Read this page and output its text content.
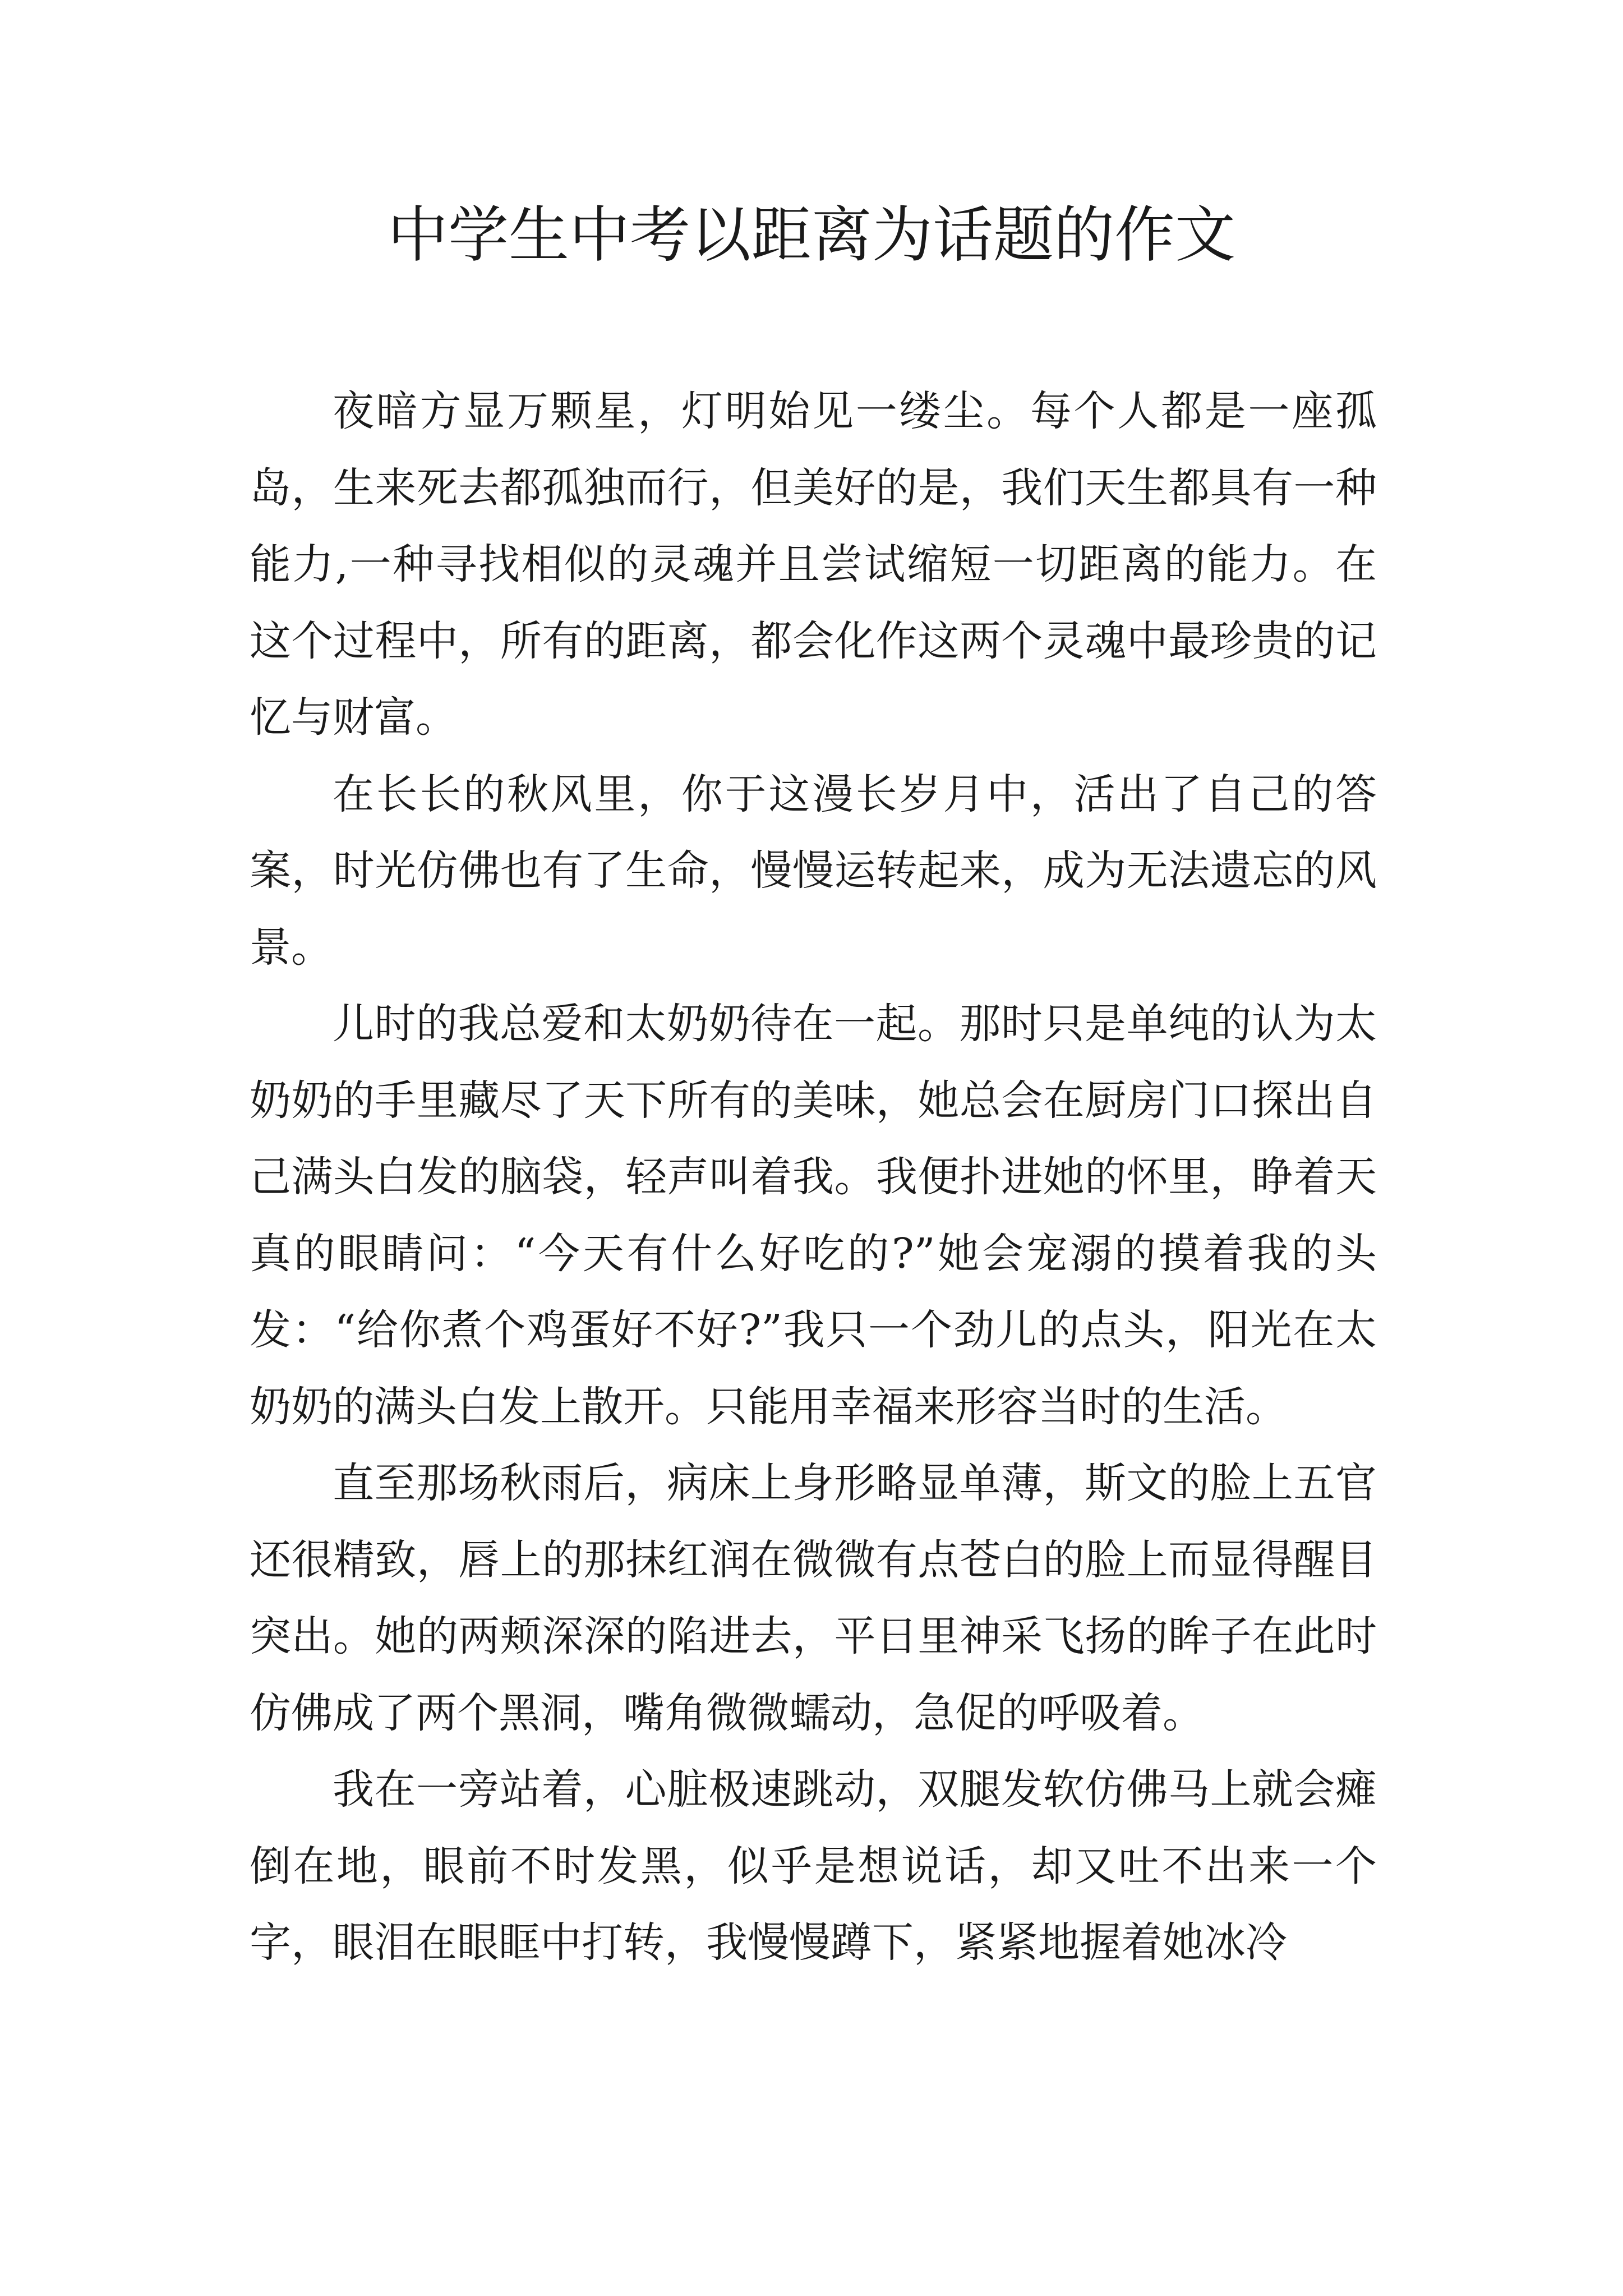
中学生中考以距离为话题的作文

夜暗方显万颗星，灯明始见一缕尘。每个人都是一座孤岛，生来死去都孤独而行，但美好的是，我们天生都具有一种能力,一种寻找相似的灵魂并且尝试缩短一切距离的能力。在这个过程中，所有的距离，都会化作这两个灵魂中最珍贵的记忆与财富。

在长长的秋风里，你于这漫长岁月中，活出了自己的答案，时光仿佛也有了生命，慢慢运转起来，成为无法遗忘的风景。

儿时的我总爱和太奶奶待在一起。那时只是单纯的认为太奶奶的手里藏尽了天下所有的美味，她总会在厨房门口探出自己满头白发的脑袋，轻声叫着我。我便扑进她的怀里，睁着天真的眼睛问：“今天有什么好吃的?”她会宠溺的摸着我的头发：“给你煮个鸡蛋好不好?”我只一个劲儿的点头，阳光在太奶奶的满头白发上散开。只能用幸福来形容当时的生活。

直至那场秋雨后，病床上身形略显单薄，斯文的脸上五官还很精致，唇上的那抹红润在微微有点苍白的脸上而显得醒目突出。她的两颊深深的陷进去，平日里神采飞扬的眸子在此时仿佛成了两个黑洞，嘴角微微蠕动，急促的呼吸着。

我在一旁站着，心脏极速跳动，双腿发软仿佛马上就会瘫倒在地，眼前不时发黑，似乎是想说话，却又吐不出来一个字，眼泪在眼眶中打转，我慢慢蹲下，紧紧地握着她冰冷
